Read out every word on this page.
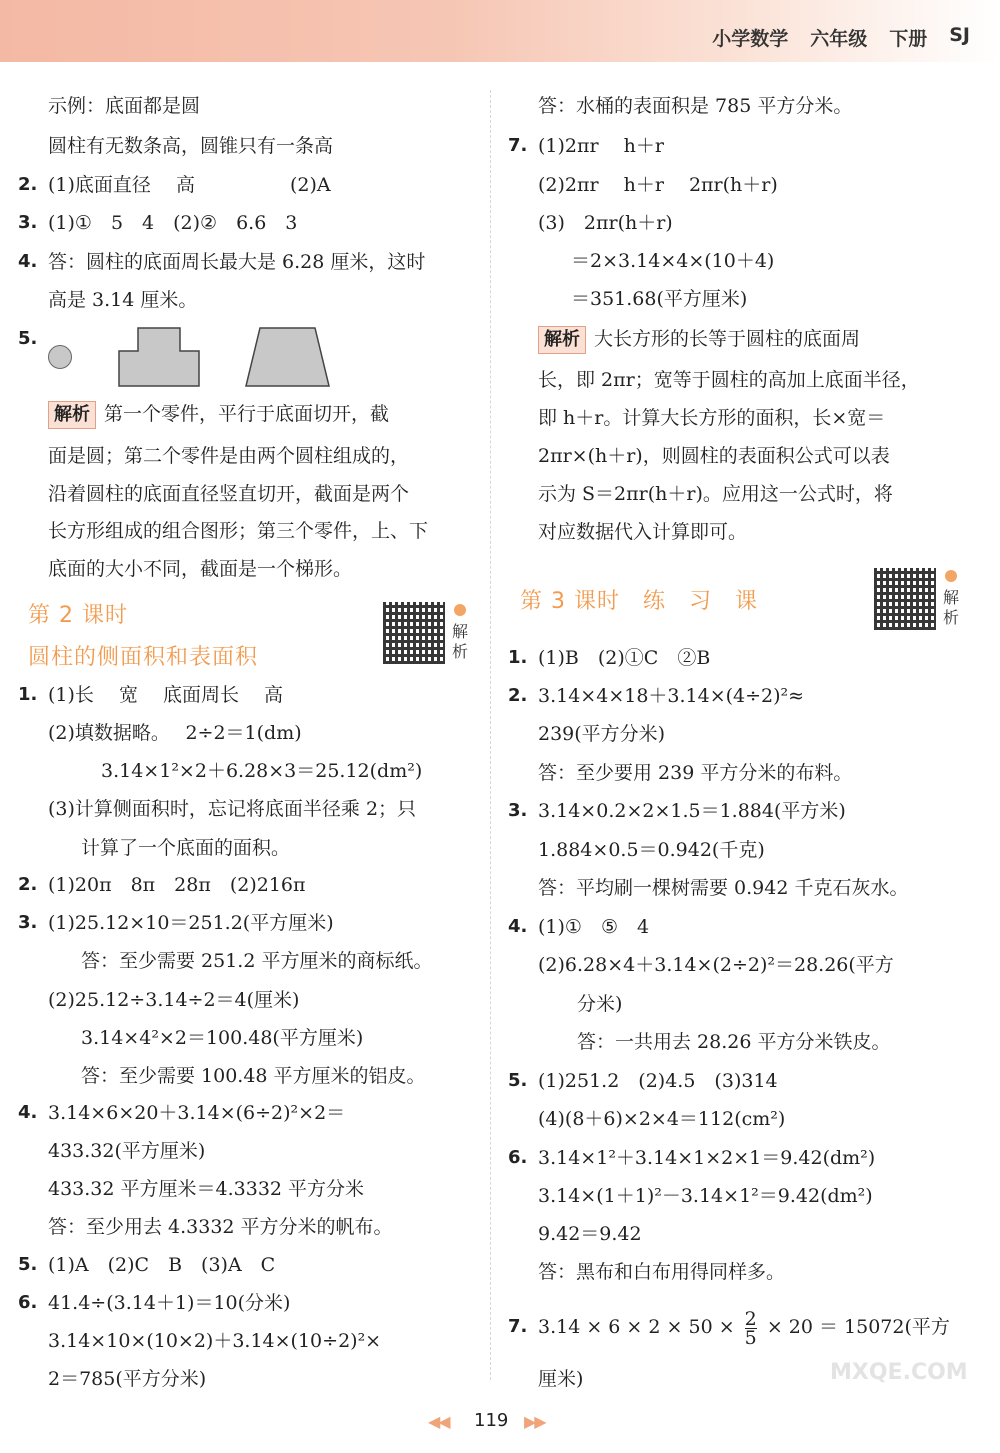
小学数学 六年级 下册 SJ
示例：底面都是圆
圆柱有无数条高，圆锥只有一条高
2. (1)底面直径　 高　　　　　(2)A
3. (1)①　5　4　(2)②　6.6　3
4. 答：圆柱的底面周长最大是 6.28 厘米，这时
高是 3.14 厘米。
5.
解析 第一个零件，平行于底面切开，截
面是圆；第二个零件是由两个圆柱组成的，
沿着圆柱的底面直径竖直切开，截面是两个
长方形组成的组合图形；第三个零件，上、下
底面的大小不同，截面是一个梯形。
第 2 课时
圆柱的侧面积和表面积
解析
1. (1)长　 宽　 底面周长　 高
(2)填数据略。　 2÷2＝1(dm)
　3.14×1²×2＋6.28×3＝25.12(dm²)
(3)计算侧面积时，忘记将底面半径乘 2；只
　计算了一个底面的面积。
2. (1)20π　8π　28π　(2)216π
3. (1)25.12×10＝251.2(平方厘米)
　答：至少需要 251.2 平方厘米的商标纸。
(2)25.12÷3.14÷2＝4(厘米)
　3.14×4²×2＝100.48(平方厘米)
　答：至少需要 100.48 平方厘米的铝皮。
4. 3.14×6×20＋3.14×(6÷2)²×2＝
433.32(平方厘米)
433.32 平方厘米＝4.3332 平方分米
答：至少用去 4.3332 平方分米的帆布。
5. (1)A　(2)C　B　(3)A　C
6. 41.4÷(3.14＋1)＝10(分米)
3.14×10×(10×2)＋3.14×(10÷2)²×
2＝785(平方分米)
答：水桶的表面积是 785 平方分米。
7. (1)2πr　 h＋r
(2)2πr　 h＋r　 2πr(h＋r)
(3)　2πr(h＋r)
　＝2×3.14×4×(10＋4)
　＝351.68(平方厘米)
解析 大长方形的长等于圆柱的底面周
长，即 2πr；宽等于圆柱的高加上底面半径，
即 h＋r。计算大长方形的面积，长×宽＝
2πr×(h＋r)，则圆柱的表面积公式可以表
示为 S＝2πr(h＋r)。应用这一公式时，将
对应数据代入计算即可。
第 3 课时　练　习　课	解析
1. (1)B　(2)①C　②B
2. 3.14×4×18＋3.14×(4÷2)²≈
239(平方分米)
答：至少要用 239 平方分米的布料。
3. 3.14×0.2×2×1.5＝1.884(平方米)
1.884×0.5＝0.942(千克)
答：平均刷一棵树需要 0.942 千克石灰水。
4. (1)①　⑤　4
(2)6.28×4＋3.14×(2÷2)²＝28.26(平方
　分米)
　答：一共用去 28.26 平方分米铁皮。
5. (1)251.2　(2)4.5　(3)314
(4)(8＋6)×2×4＝112(cm²)
6. 3.14×1²＋3.14×1×2×1＝9.42(dm²)
3.14×(1＋1)²－3.14×1²＝9.42(dm²)
9.42＝9.42
答：黑布和白布用得同样多。
7. $3.14 \times 6 \times 2 \times 50 \times \frac{2}{5} \times 20 = 15072$(平方
厘米)	MXQE.COM
◀◀ 119 ▶▶
